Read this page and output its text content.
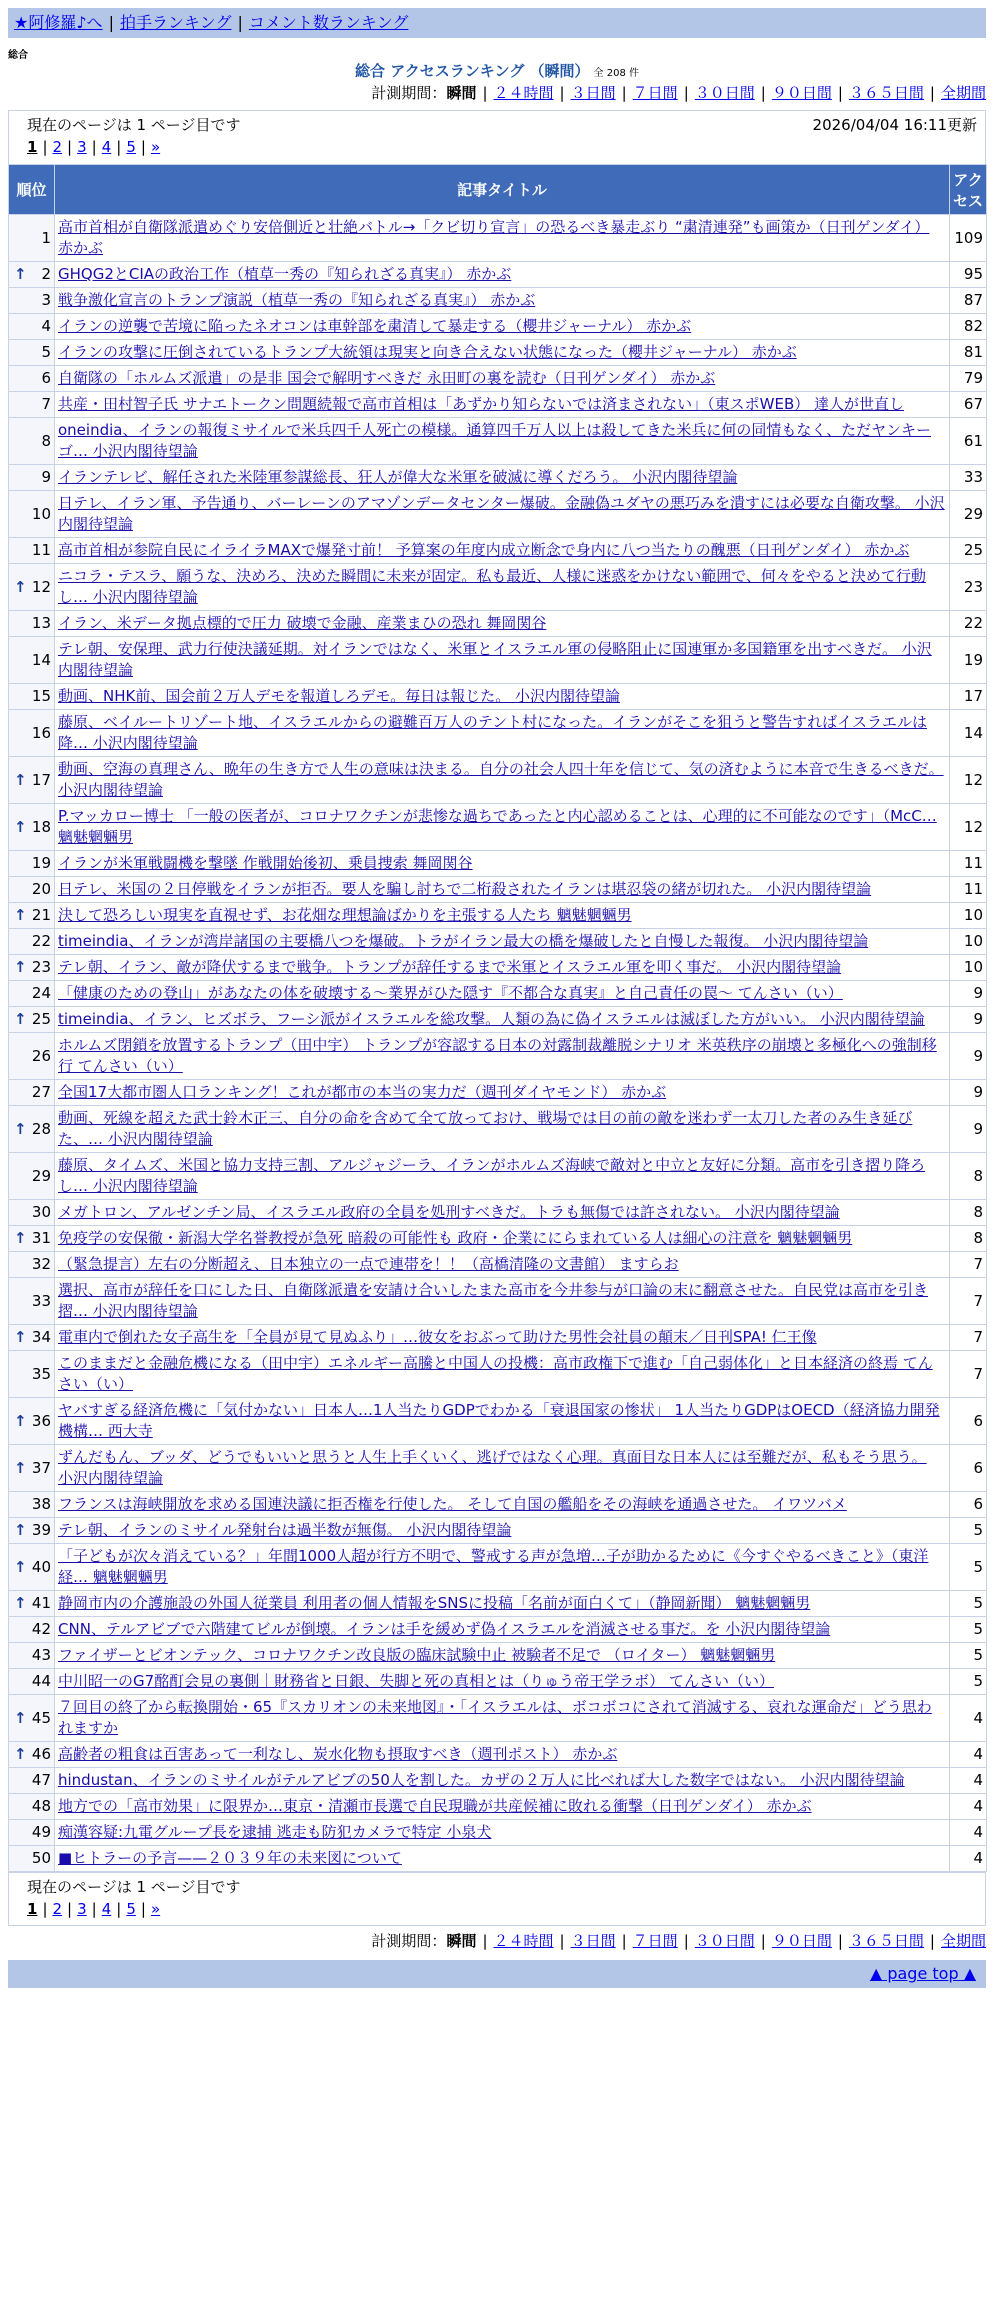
★阿修羅♪へ | 拍手ランキング | コメント数ランキング
総合
総合 アクセスランキング （瞬間） 全 208 件
計測期間：瞬間 | ２４時間 | ３日間 | ７日間 | ３０日間 | ９０日間 | ３６５日間 | 全期間
現在のページは 1 ページ目です	2026/04/04 16:11更新
1 | 2 | 3 | 4 | 5 | »
順位	記事タイトル	アクセス
1	高市首相が自衛隊派遣めぐり安倍側近と壮絶バトル→「クビ切り宣言」の恐るべき暴走ぶり “粛清連発”も画策か（日刊ゲンダイ） 赤かぶ	109

↑ 2	GHQG2とCIAの政治工作（植草一秀の『知られざる真実』） 赤かぶ	95
3	戦争激化宣言のトランプ演説（植草一秀の『知られざる真実』） 赤かぶ	87
4	イランの逆襲で苦境に陥ったネオコンは車幹部を粛清して暴走する（櫻井ジャーナル） 赤かぶ	82
5	イランの攻撃に圧倒されているトランプ大統領は現実と向き合えない状態になった（櫻井ジャーナル） 赤かぶ	81
6	自衛隊の「ホルムズ派遣」の是非 国会で解明すべきだ 永田町の裏を読む（日刊ゲンダイ） 赤かぶ	79
7	共産・田村智子氏 サナエトークン問題続報で高市首相は「あずかり知らないでは済まされない」（東スポWEB） 達人が世直し	67
8	oneindia、イランの報復ミサイルで米兵四千人死亡の模様。通算四千万人以上は殺してきた米兵に何の同情もなく、ただヤンキーゴ… 小沢内閣待望論	61
9	イランテレビ、解任された米陸軍参謀総長、狂人が偉大な米軍を破滅に導くだろう。 小沢内閣待望論	33
10	日テレ、イラン軍、予告通り、バーレーンのアマゾンデータセンター爆破。金融偽ユダヤの悪巧みを潰すには必要な自衛攻撃。 小沢内閣待望論	29
11	高市首相が参院自民にイライラMAXで爆発寸前！ 予算案の年度内成立断念で身内に八つ当たりの醜悪（日刊ゲンダイ） 赤かぶ	25

↑ 12	ニコラ・テスラ、願うな、決めろ、決めた瞬間に未来が固定。私も最近、人様に迷惑をかけない範囲で、何々をやると決めて行動し… 小沢内閣待望論	23
13	イラン、米データ拠点標的で圧力 破壊で金融、産業まひの恐れ 舞岡関谷	22
14	テレ朝、安保理、武力行使決議延期。対イランではなく、米軍とイスラエル軍の侵略阻止に国連軍か多国籍軍を出すべきだ。 小沢内閣待望論	19
15	動画、NHK前、国会前２万人デモを報道しろデモ。毎日は報じた。 小沢内閣待望論	17
16	藤原、ベイルートリゾート地、イスラエルからの避難百万人のテント村になった。イランがそこを狙うと警告すればイスラエルは降… 小沢内閣待望論	14

↑ 17	動画、空海の真理さん、晩年の生き方で人生の意味は決まる。自分の社会人四十年を信じて、気の済むように本音で生きるべきだ。 小沢内閣待望論	12

↑ 18	P.マッカロー博士 「一般の医者が、コロナワクチンが悲惨な過ちであったと内心認めることは、心理的に不可能なのです」（McC… 魑魅魍魎男	12
19	イランが米軍戦闘機を撃墜 作戦開始後初、乗員捜索 舞岡関谷	11
20	日テレ、米国の２日停戦をイランが拒否。要人を騙し討ちで二桁殺されたイランは堪忍袋の緒が切れた。 小沢内閣待望論	11

↑ 21	決して恐ろしい現実を直視せず、お花畑な理想論ばかりを主張する人たち 魑魅魍魎男	10
22	timeindia、イランが湾岸諸国の主要橋八つを爆破。トラがイラン最大の橋を爆破したと自慢した報復。 小沢内閣待望論	10

↑ 23	テレ朝、イラン、敵が降伏するまで戦争。トランプが辞任するまで米軍とイスラエル軍を叩く事だ。 小沢内閣待望論	10
24	「健康のための登山」があなたの体を破壊する～業界がひた隠す『不都合な真実』と自己責任の罠～ てんさい（い）	9

↑ 25	timeindia、イラン、ヒズボラ、フーシ派がイスラエルを総攻撃。人類の為に偽イスラエルは滅ぼした方がいい。 小沢内閣待望論	9
26	ホルムズ閉鎖を放置するトランプ（田中宇） トランプが容認する日本の対露制裁離脱シナリオ 米英秩序の崩壊と多極化への強制移行 てんさい（い）	9
27	全国17大都市圏人口ランキング！これが都市の本当の実力だ（週刊ダイヤモンド） 赤かぶ	9

↑ 28	動画、死線を超えた武士鈴木正三、自分の命を含めて全て放っておけ、戦場では目の前の敵を迷わず一太刀した者のみ生き延びた、… 小沢内閣待望論	9
29	藤原、タイムズ、米国と協力支持三割、アルジャジーラ、イランがホルムズ海峡で敵対と中立と友好に分類。高市を引き摺り降ろし… 小沢内閣待望論	8
30	メガトロン、アルゼンチン局、イスラエル政府の全員を処刑すべきだ。トラも無傷では許されない。 小沢内閣待望論	8

↑ 31	免疫学の安保徹・新潟大学名誉教授が急死 暗殺の可能性も 政府・企業ににらまれている人は細心の注意を 魑魅魍魎男	8
32	（緊急提言）左右の分断超え、日本独立の一点で連帯を！！（高橋清隆の文書館） ますらお	7
33	選択、高市が辞任を口にした日、自衛隊派遣を安請け合いしたまた高市を今井参与が口論の末に翻意させた。自民党は高市を引き摺… 小沢内閣待望論	7

↑ 34	電車内で倒れた女子高生を「全員が見て見ぬふり」…彼女をおぶって助けた男性会社員の顛末／日刊SPA! 仁王像	7
35	このままだと金融危機になる（田中宇）エネルギー高騰と中国人の投機：高市政権下で進む「自己弱体化」と日本経済の終焉 てんさい（い）	7

↑ 36	ヤバすぎる経済危機に「気付かない」日本人…1人当たりGDPでわかる「衰退国家の惨状」 1人当たりGDPはOECD（経済協力開発機構… 西大寺	6

↑ 37	ずんだもん、ブッダ、どうでもいいと思うと人生上手くいく、逃げではなく心理。真面目な日本人には至難だが、私もそう思う。 小沢内閣待望論	6
38	フランスは海峡開放を求める国連決議に拒否権を行使した。 そして自国の艦船をその海峡を通過させた。 イワツバメ	6

↑ 39	テレ朝、イランのミサイル発射台は過半数が無傷。 小沢内閣待望論	5

↑ 40	「子どもが次々消えている？」年間1000人超が行方不明で、警戒する声が急増…子が助かるために《今すぐやるべきこと》（東洋経… 魑魅魍魎男	5

↑ 41	静岡市内の介護施設の外国人従業員 利用者の個人情報をSNSに投稿「名前が面白くて」（静岡新聞） 魑魅魍魎男	5
42	CNN、テルアビブで六階建てビルが倒壊。イランは手を緩めず偽イスラエルを消滅させる事だ。を 小沢内閣待望論	5
43	ファイザーとビオンテック、コロナワクチン改良版の臨床試験中止 被験者不足で （ロイター） 魑魅魍魎男	5
44	中川昭一のG7酩酊会見の裏側｜財務省と日銀、失脚と死の真相とは（りゅう帝王学ラボ） てんさい（い）	5

↑ 45	７回目の終了から転換開始・65『スカリオンの未来地図』・「イスラエルは、ボコボコにされて消滅する、哀れな運命だ」どう思われますか	4

↑ 46	高齢者の粗食は百害あって一利なし、炭水化物も摂取すべき（週刊ポスト） 赤かぶ	4
47	hindustan、イランのミサイルがテルアビブの50人を割した。カザの２万人に比べれば大した数字ではない。 小沢内閣待望論	4
48	地方での「高市効果」に限界か…東京・清瀬市長選で自民現職が共産候補に敗れる衝撃（日刊ゲンダイ） 赤かぶ	4
49	痴漢容疑:九電グループ長を逮捕 逃走も防犯カメラで特定 小泉犬	4
50	■ヒトラーの予言——２０３９年の未来図について	4
計測期間：瞬間 | ２４時間 | ３日間 | ７日間 | ３０日間 | ９０日間 | ３６５日間 | 全期間
▲ page top ▲
現在のページは 1 ページ目です
1 | 2 | 3 | 4 | 5 | »
